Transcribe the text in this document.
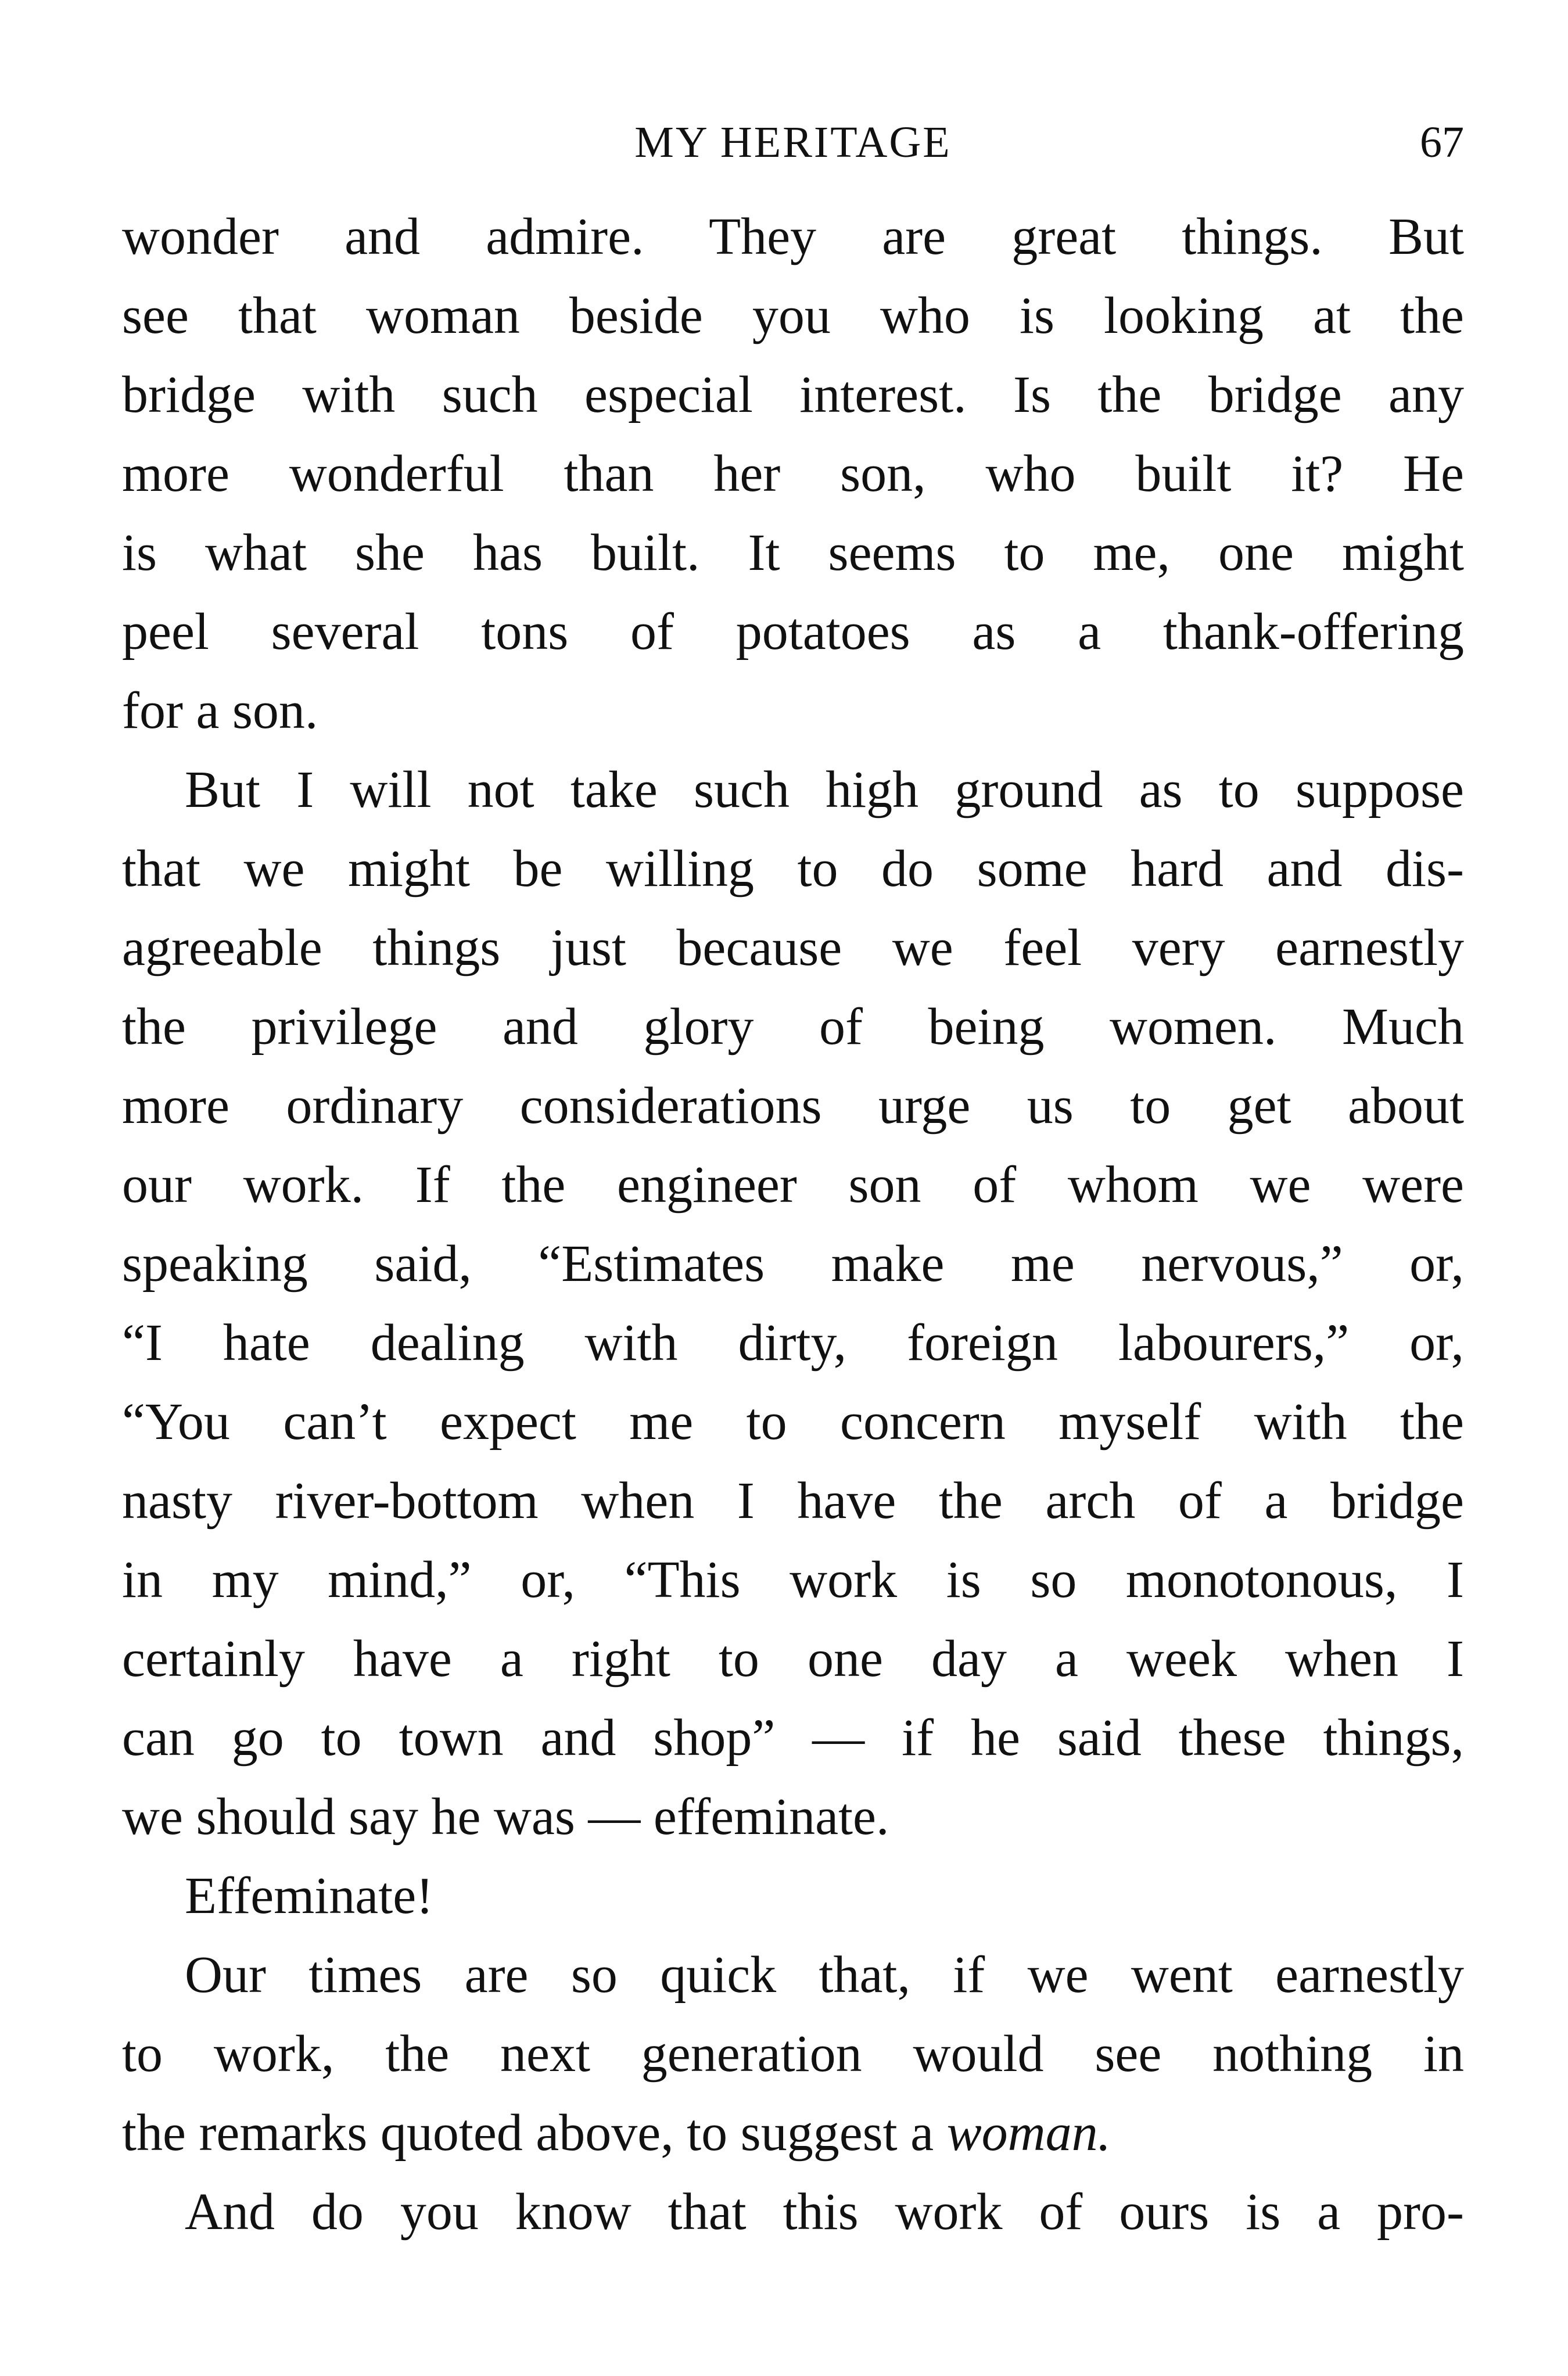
MY HERITAGE	67
wonder and admire. They are great things. But
see that woman beside you who is looking at the
bridge with such especial interest. Is the bridge any
more wonderful than her son, who built it? He
is what she has built. It seems to me, one might
peel several tons of potatoes as a thank-offering
for a son.
But I will not take such high ground as to suppose
that we might be willing to do some hard and dis-
agreeable things just because we feel very earnestly
the privilege and glory of being women. Much
more ordinary considerations urge us to get about
our work. If the engineer son of whom we were
speaking said, “Estimates make me nervous,” or,
“I hate dealing with dirty, foreign labourers,” or,
“You can’t expect me to concern myself with the
nasty river-bottom when I have the arch of a bridge
in my mind,” or, “This work is so monotonous, I
certainly have a right to one day a week when I
can go to town and shop” — if he said these things,
we should say he was — effeminate.
Effeminate!
Our times are so quick that, if we went earnestly
to work, the next generation would see nothing in
the remarks quoted above, to suggest a woman.
And do you know that this work of ours is a pro-
